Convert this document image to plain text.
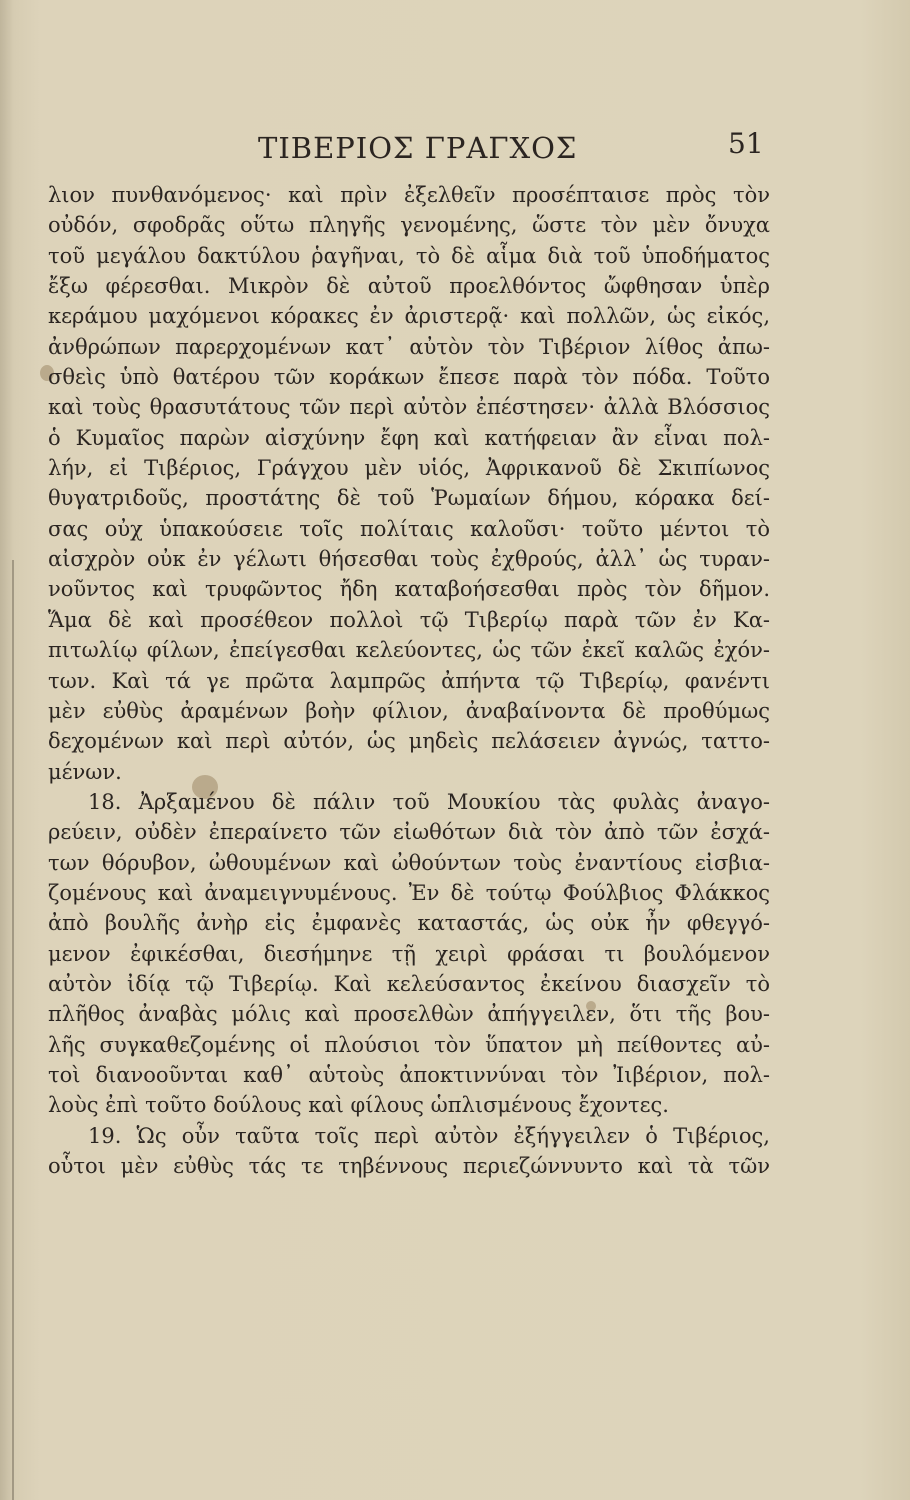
ΤΙΒΕΡΙΟΣ ΓΡΑΓΧΟΣ	51
λιον πυνθανόμενος· καὶ πρὶν ἐξελθεῖν προσέπταισε πρὸς τὸν
οὐδόν, σφοδρᾶς οὕτω πληγῆς γενομένης, ὥστε τὸν μὲν ὄνυχα
τοῦ μεγάλου δακτύλου ῥαγῆναι, τὸ δὲ αἷμα διὰ τοῦ ὑποδήματος
ἔξω φέρεσθαι. Μικρὸν δὲ αὐτοῦ προελθόντος ὤφθησαν ὑπὲρ
κεράμου μαχόμενοι κόρακες ἐν ἀριστερᾷ· καὶ πολλῶν, ὡς εἰκός,
ἀνθρώπων παρερχομένων κατ᾽ αὐτὸν τὸν Τιβέριον λίθος ἀπω-
σθεὶς ὑπὸ θατέρου τῶν κοράκων ἔπεσε παρὰ τὸν πόδα. Τοῦτο
καὶ τοὺς θρασυτάτους τῶν περὶ αὐτὸν ἐπέστησεν· ἀλλὰ Βλόσσιος
ὁ Κυμαῖος παρὼν αἰσχύνην ἔφη καὶ κατήφειαν ἂν εἶναι πολ-
λήν, εἰ Τιβέριος, Γράγχου μὲν υἱός, Ἀφρικανοῦ δὲ Σκιπίωνος
θυγατριδοῦς, προστάτης δὲ τοῦ Ῥωμαίων δήμου, κόρακα δεί-
σας οὐχ ὑπακούσειε τοῖς πολίταις καλοῦσι· τοῦτο μέντοι τὸ
αἰσχρὸν οὐκ ἐν γέλωτι θήσεσθαι τοὺς ἐχθρούς, ἀλλ᾽ ὡς τυραν-
νοῦντος καὶ τρυφῶντος ἤδη καταβοήσεσθαι πρὸς τὸν δῆμον.
Ἅμα δὲ καὶ προσέθεον πολλοὶ τῷ Τιβερίῳ παρὰ τῶν ἐν Κα-
πιτωλίῳ φίλων, ἐπείγεσθαι κελεύοντες, ὡς τῶν ἐκεῖ καλῶς ἐχόν-
των. Καὶ τά γε πρῶτα λαμπρῶς ἀπήντα τῷ Τιβερίῳ, φανέντι
μὲν εὐθὺς ἀραμένων βοὴν φίλιον, ἀναβαίνοντα δὲ προθύμως
δεχομένων καὶ περὶ αὐτόν, ὡς μηδεὶς πελάσειεν ἀγνώς, ταττο-
μένων.
18. Ἀρξαμένου δὲ πάλιν τοῦ Μουκίου τὰς φυλὰς ἀναγο-
ρεύειν, οὐδὲν ἐπεραίνετο τῶν εἰωθότων διὰ τὸν ἀπὸ τῶν ἐσχά-
των θόρυβον, ὠθουμένων καὶ ὠθούντων τοὺς ἐναντίους εἰσβια-
ζομένους καὶ ἀναμειγνυμένους. Ἐν δὲ τούτῳ Φούλβιος Φλάκκος
ἀπὸ βουλῆς ἀνὴρ εἰς ἐμφανὲς καταστάς, ὡς οὐκ ἦν φθεγγό-
μενον ἐφικέσθαι, διεσήμηνε τῇ χειρὶ φράσαι τι βουλόμενον
αὐτὸν ἰδίᾳ τῷ Τιβερίῳ. Καὶ κελεύσαντος ἐκείνου διασχεῖν τὸ
πλῆθος ἀναβὰς μόλις καὶ προσελθὼν ἀπήγγειλεν, ὅτι τῆς βου-
λῆς συγκαθεζομένης οἱ πλούσιοι τὸν ὕπατον μὴ πείθοντες αὐ-
τοὶ διανοοῦνται καθ᾽ αὑτοὺς ἀποκτιννύναι τὸν Ἰιβέριον, πολ-
λοὺς ἐπὶ τοῦτο δούλους καὶ φίλους ὡπλισμένους ἔχοντες.
19. Ὡς οὖν ταῦτα τοῖς περὶ αὐτὸν ἐξήγγειλεν ὁ Τιβέριος,
οὗτοι μὲν εὐθὺς τάς τε τηβέννους περιεζώννυντο καὶ τὰ τῶν
